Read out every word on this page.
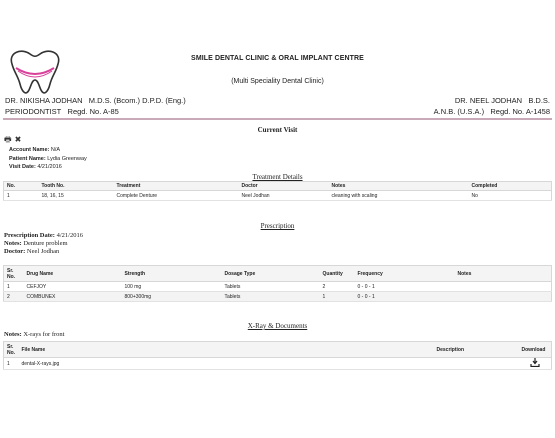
SMILE DENTAL CLINIC & ORAL IMPLANT CENTRE
(Multi Speciality Dental Clinic)
DR. NIKISHA JODHAN M.D.S. (Bcom.) D.P.D. (Eng.)
PERIODONTIST Regd. No. A-85
DR. NEEL JODHAN B.D.S.
A.N.B. (U.S.A.) Regd. No. A-1458
Current Visit
🖶 ✖
Account Name: N/A
Patient Name: Lydia Greenway
Visit Date: 4/21/2016
Treatment Details
No.	Tooth No.	Treatment	Doctor	Notes	Completed
1	18, 16, 15	Complete Denture	Neel Jodhan	cleaning with scaling	No
Prescription
Prescription Date: 4/21/2016
Notes: Denture problem
Doctor: Neel Jodhan
Sr. No.	Drug Name	Strength	Dosage Type	Quantity	Frequency	Notes
1	CEFJOY	100 mg	Tablets	2	0 - 0 - 1	
2	COMBUNEX	800+300mg	Tablets	1	0 - 0 - 1	
X-Ray & Documents
Notes: X-rays for front
Sr. No.	File Name	Description	Download
1	dental-X-rays.jpg		
